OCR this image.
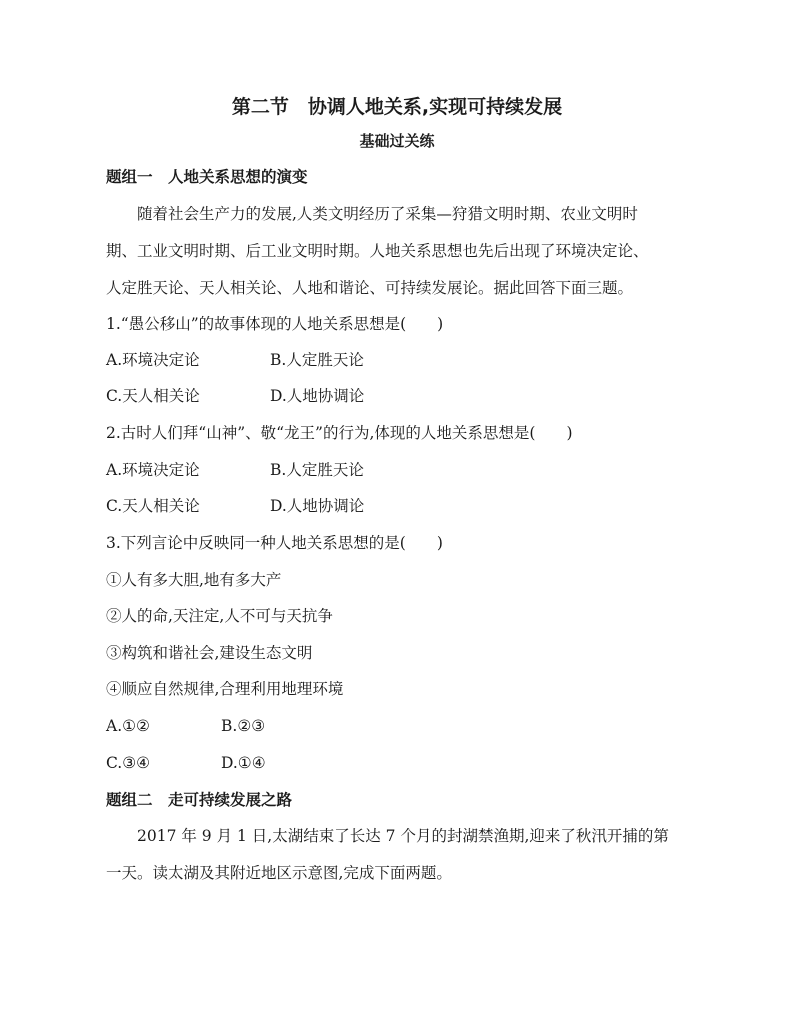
第二节　协调人地关系,实现可持续发展
基础过关练
题组一　人地关系思想的演变
随着社会生产力的发展,人类文明经历了采集—狩猎文明时期、农业文明时
期、工业文明时期、后工业文明时期。人地关系思想也先后出现了环境决定论、
人定胜天论、天人相关论、人地和谐论、可持续发展论。据此回答下面三题。
1.“愚公移山”的故事体现的人地关系思想是(　　)
A.环境决定论	B.人定胜天论
C.天人相关论	D.人地协调论
2.古时人们拜“山神”、敬“龙王”的行为,体现的人地关系思想是(　　)
A.环境决定论	B.人定胜天论
C.天人相关论	D.人地协调论
3.下列言论中反映同一种人地关系思想的是(　　)
①人有多大胆,地有多大产
②人的命,天注定,人不可与天抗争
③构筑和谐社会,建设生态文明
④顺应自然规律,合理利用地理环境
A.①②	B.②③
C.③④	D.①④
题组二　走可持续发展之路
2017 年 9 月 1 日,太湖结束了长达 7 个月的封湖禁渔期,迎来了秋汛开捕的第
一天。读太湖及其附近地区示意图,完成下面两题。
